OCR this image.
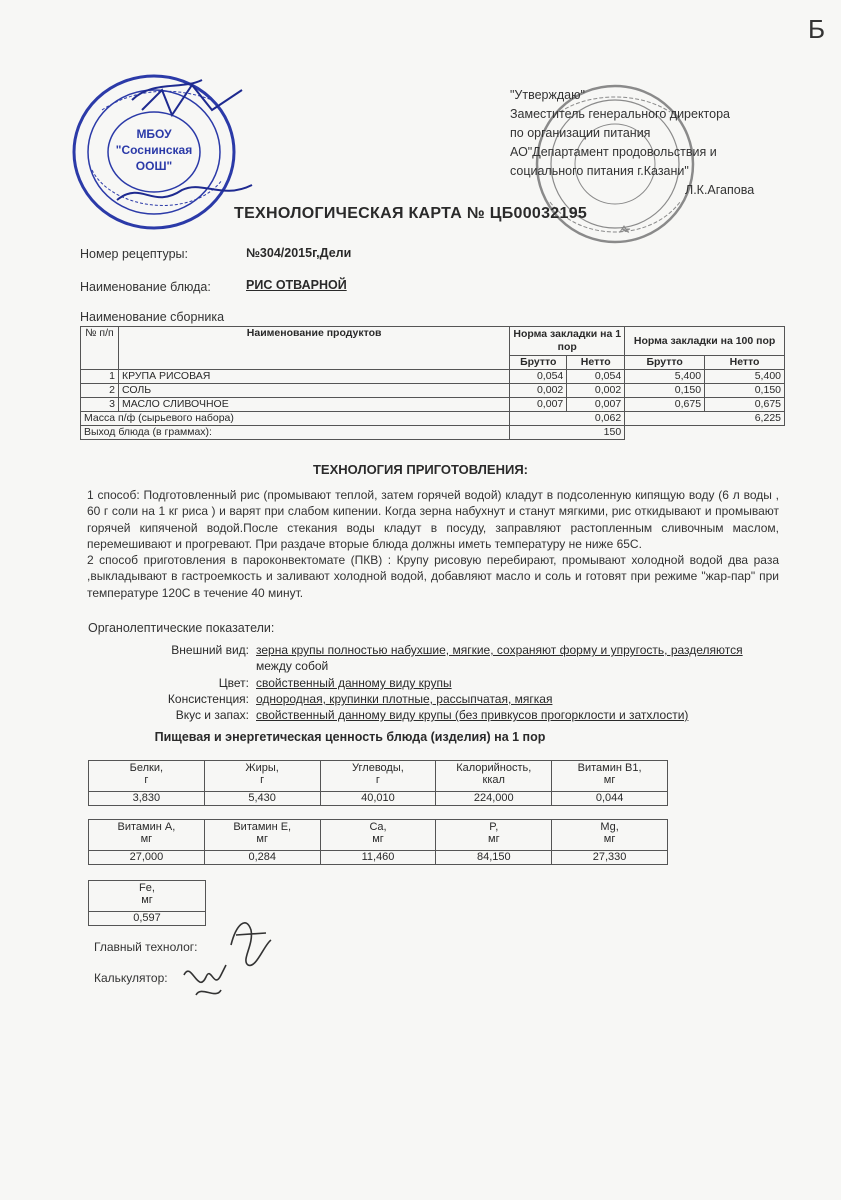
Б
МБОУ
"Соснинская
ООШ"
"Утверждаю"
Заместитель генерального директора
по организации питания
АО"Департамент продовольствия и
социального питания г.Казани"
Л.К.Агапова
ТЕХНОЛОГИЧЕСКАЯ КАРТА № ЦБ00032195
Номер рецептуры:	№304/2015г,Дели
Наименование блюда:	РИС ОТВАРНОЙ
Наименование сборника
№ п/п	Наименование продуктов	Норма закладки на 1 пор		Норма закладки на 100 пор	
		Брутто	Нетто	Брутто	Нетто
1	КРУПА РИСОВАЯ	0,054	0,054	5,400	5,400
2	СОЛЬ	0,002	0,002	0,150	0,150
3	МАСЛО СЛИВОЧНОЕ	0,007	0,007	0,675	0,675
Масса п/ф (сырьевого набора)		0,062		6,225	
Выход блюда (в граммах):		150			
ТЕХНОЛОГИЯ ПРИГОТОВЛЕНИЯ:

1 способ: Подготовленный рис (промывают теплой, затем горячей водой) кладут в подсоленную кипящую воду (6 л воды , 60 г соли на 1 кг риса ) и варят при слабом кипении. Когда зерна набухнут и станут мягкими, рис откидывают и промывают горячей кипяченой водой.После стекания воды кладут в посуду, заправляют растопленным сливочным маслом, перемешивают и прогревают. При раздаче вторые блюда должны иметь температуру не ниже 65С.

2 способ приготовления в пароконвектомате (ПКВ) : Крупу рисовую перебирают, промывают холодной водой два раза ,выкладывают в гастроемкость и заливают холодной водой, добавляют масло и соль и готовят при режиме "жар-пар" при температуре 120С в течение 40 минут.

Органолептические показатели:
Внешний вид: зерна крупы полностью набухшие, мягкие, сохраняют форму и упругость, разделяются
между собой
Цвет: свойственный данному виду крупы
Консистенция: однородная, крупинки плотные, рассыпчатая, мягкая
Вкус и запах: свойственный данному виду крупы (без привкусов прогорклости и затхлости)
Пищевая и энергетическая ценность блюда (изделия) на 1 пор
Белки,
г	Жиры,
г	Углеводы,
г	Калорийность,
ккал	Витамин В1,
мг
3,830	5,430	40,010	224,000	0,044
Витамин А,
мг	Витамин Е,
мг	Ca,
мг	P,
мг	Mg,
мг
27,000	0,284	11,460	84,150	27,330
Fe,
мг
0,597
Главный технолог:
Калькулятор:
